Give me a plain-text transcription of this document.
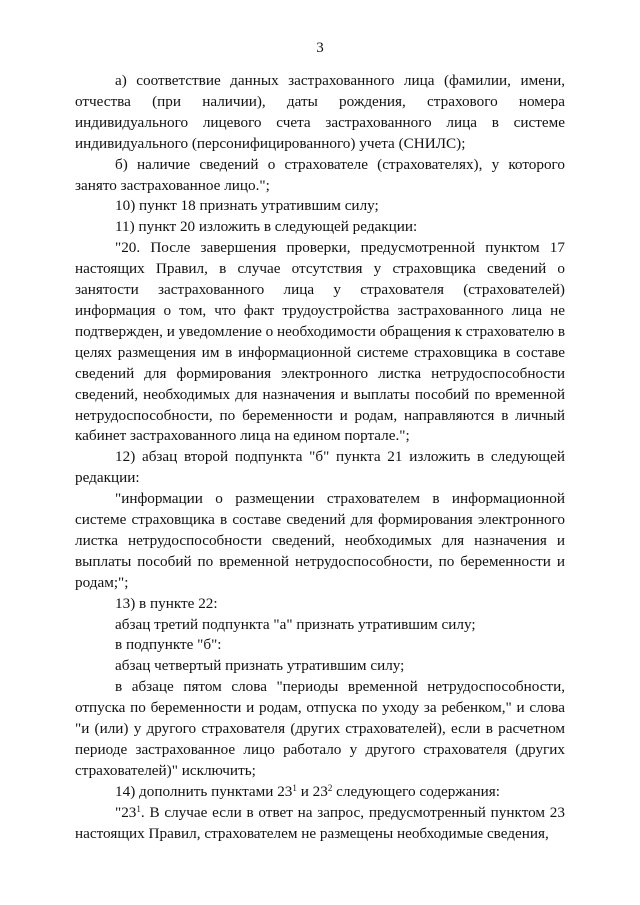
3

а) соответствие данных застрахованного лица (фамилии, имени, отчества (при наличии), даты рождения, страхового номера индивидуального лицевого счета застрахованного лица в системе индивидуального (персонифицированного) учета (СНИЛС);

б) наличие сведений о страхователе (страхователях), у которого занято застрахованное лицо.";

10) пункт 18 признать утратившим силу;

11) пункт 20 изложить в следующей редакции:

"20. После завершения проверки, предусмотренной пунктом 17 настоящих Правил, в случае отсутствия у страховщика сведений о занятости застрахованного лица у страхователя (страхователей) информация о том, что факт трудоустройства застрахованного лица не подтвержден, и уведомление о необходимости обращения к страхователю в целях размещения им в информационной системе страховщика в составе сведений для формирования электронного листка нетрудоспособности сведений, необходимых для назначения и выплаты пособий по временной нетрудоспособности, по беременности и родам, направляются в личный кабинет застрахованного лица на едином портале.";

12) абзац второй подпункта "б" пункта 21 изложить в следующей редакции:

"информации о размещении страхователем в информационной системе страховщика в составе сведений для формирования электронного листка нетрудоспособности сведений, необходимых для назначения и выплаты пособий по временной нетрудоспособности, по беременности и родам;";

13) в пункте 22:

абзац третий подпункта "а" признать утратившим силу;

в подпункте "б":

абзац четвертый признать утратившим силу;

в абзаце пятом слова "периоды временной нетрудоспособности, отпуска по беременности и родам, отпуска по уходу за ребенком," и слова "и (или) у другого страхователя (других страхователей), если в расчетном периоде застрахованное лицо работало у другого страхователя (других страхователей)" исключить;

14) дополнить пунктами $23^1$ и $23^2$ следующего содержания:

"$23^1$. В случае если в ответ на запрос, предусмотренный пунктом 23 настоящих Правил, страхователем не размещены необходимые сведения,
